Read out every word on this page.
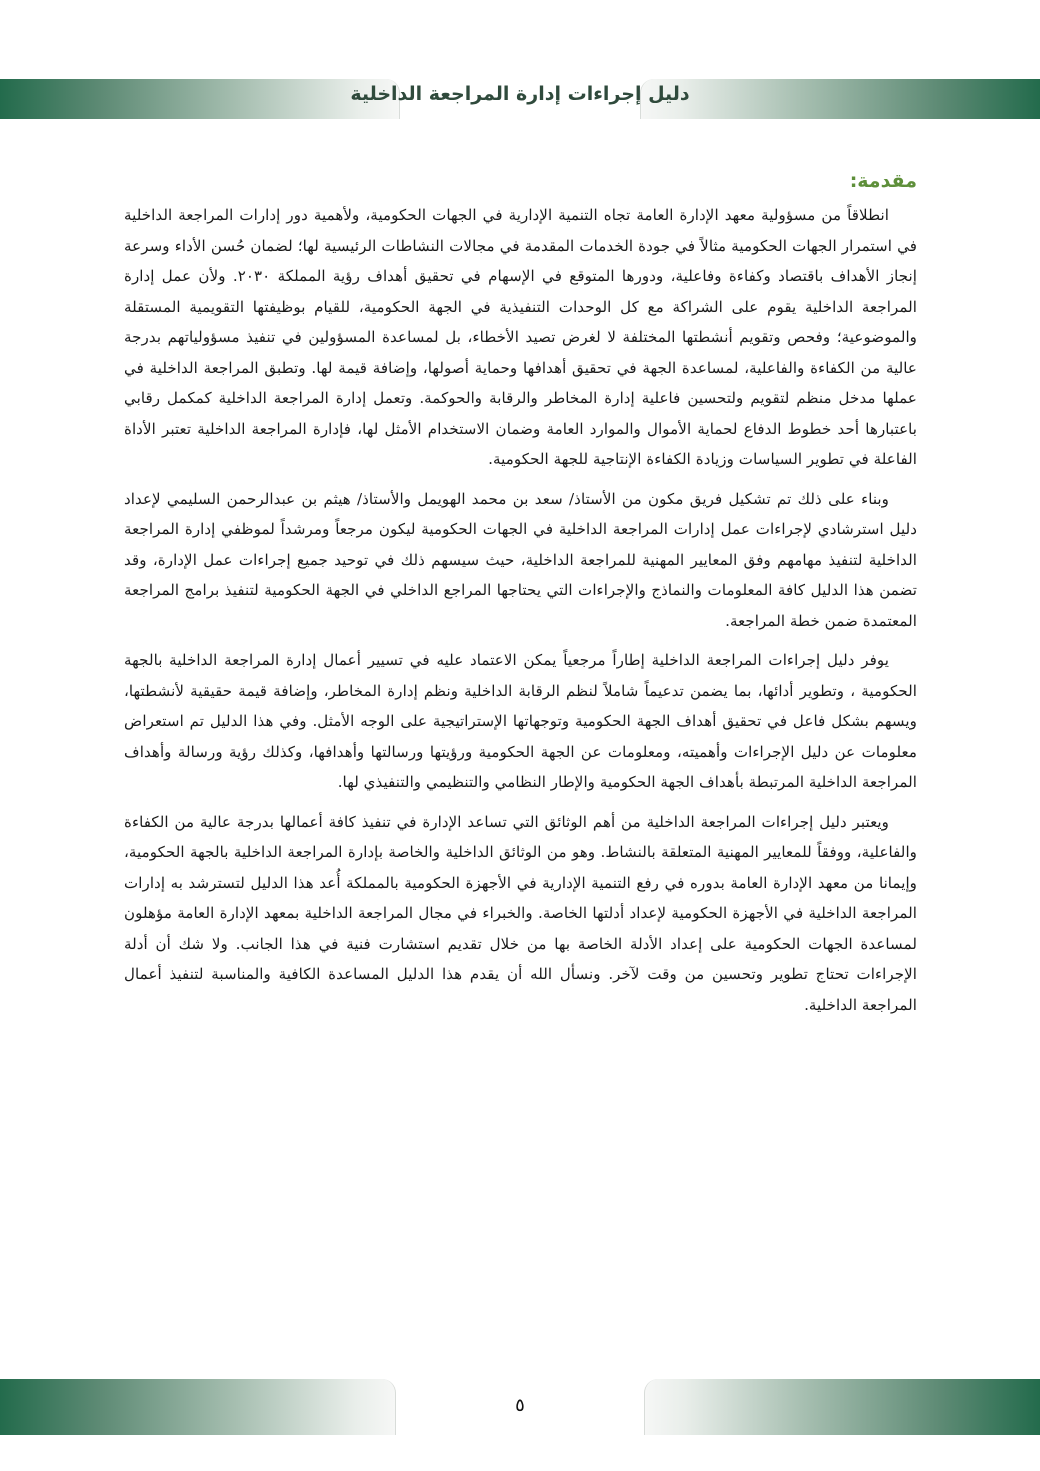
دليل إجراءات إدارة المراجعة الداخلية
مقدمة:

انطلاقاً من مسؤولية معهد الإدارة العامة تجاه التنمية الإدارية في الجهات الحكومية، ولأهمية دور إدارات المراجعة الداخلية في استمرار الجهات الحكومية مثالاً في جودة الخدمات المقدمة في مجالات النشاطات الرئيسية لها؛ لضمان حُسن الأداء وسرعة إنجاز الأهداف باقتصاد وكفاءة وفاعلية، ودورها المتوقع في الإسهام في تحقيق أهداف رؤية المملكة ٢٠٣٠. ولأن عمل إدارة المراجعة الداخلية يقوم على الشراكة مع كل الوحدات التنفيذية في الجهة الحكومية، للقيام بوظيفتها التقويمية المستقلة والموضوعية؛ وفحص وتقويم أنشطتها المختلفة لا لغرض تصيد الأخطاء، بل لمساعدة المسؤولين في تنفيذ مسؤولياتهم بدرجة عالية من الكفاءة والفاعلية، لمساعدة الجهة في تحقيق أهدافها وحماية أصولها، وإضافة قيمة لها. وتطبق المراجعة الداخلية في عملها مدخل منظم لتقويم ولتحسين فاعلية إدارة المخاطر والرقابة والحوكمة. وتعمل إدارة المراجعة الداخلية كمكمل رقابي باعتبارها أحد خطوط الدفاع لحماية الأموال والموارد العامة وضمان الاستخدام الأمثل لها، فإدارة المراجعة الداخلية تعتبر الأداة الفاعلة في تطوير السياسات وزيادة الكفاءة الإنتاجية للجهة الحكومية.

وبناء على ذلك تم تشكيل فريق مكون من الأستاذ/ سعد بن محمد الهويمل والأستاذ/ هيثم بن عبدالرحمن السليمي لإعداد دليل استرشادي لإجراءات عمل إدارات المراجعة الداخلية في الجهات الحكومية ليكون مرجعاً ومرشداً لموظفي إدارة المراجعة الداخلية لتنفيذ مهامهم وفق المعايير المهنية للمراجعة الداخلية، حيث سيسهم ذلك في توحيد جميع إجراءات عمل الإدارة، وقد تضمن هذا الدليل كافة المعلومات والنماذج والإجراءات التي يحتاجها المراجع الداخلي في الجهة الحكومية لتنفيذ برامج المراجعة المعتمدة ضمن خطة المراجعة.

يوفر دليل إجراءات المراجعة الداخلية إطاراً مرجعياً يمكن الاعتماد عليه في تسيير أعمال إدارة المراجعة الداخلية بالجهة الحكومية ، وتطوير أدائها، بما يضمن تدعيماً شاملاً لنظم الرقابة الداخلية ونظم إدارة المخاطر، وإضافة قيمة حقيقية لأنشطتها، ويسهم بشكل فاعل في تحقيق أهداف الجهة الحكومية وتوجهاتها الإستراتيجية على الوجه الأمثل. وفي هذا الدليل تم استعراض معلومات عن دليل الإجراءات وأهميته، ومعلومات عن الجهة الحكومية ورؤيتها ورسالتها وأهدافها، وكذلك رؤية ورسالة وأهداف المراجعة الداخلية المرتبطة بأهداف الجهة الحكومية والإطار النظامي والتنظيمي والتنفيذي لها.

ويعتبر دليل إجراءات المراجعة الداخلية من أهم الوثائق التي تساعد الإدارة في تنفيذ كافة أعمالها بدرجة عالية من الكفاءة والفاعلية، ووفقاً للمعايير المهنية المتعلقة بالنشاط. وهو من الوثائق الداخلية والخاصة بإدارة المراجعة الداخلية بالجهة الحكومية، وإيمانا من معهد الإدارة العامة بدوره في رفع التنمية الإدارية في الأجهزة الحكومية بالمملكة أُعد هذا الدليل لتسترشد به إدارات المراجعة الداخلية في الأجهزة الحكومية لإعداد أدلتها الخاصة. والخبراء في مجال المراجعة الداخلية بمعهد الإدارة العامة مؤهلون لمساعدة الجهات الحكومية على إعداد الأدلة الخاصة بها من خلال تقديم استشارت فنية في هذا الجانب. ولا شك أن أدلة الإجراءات تحتاج تطوير وتحسين من وقت لآخر. ونسأل الله أن يقدم هذا الدليل المساعدة الكافية والمناسبة لتنفيذ أعمال المراجعة الداخلية.

٥
